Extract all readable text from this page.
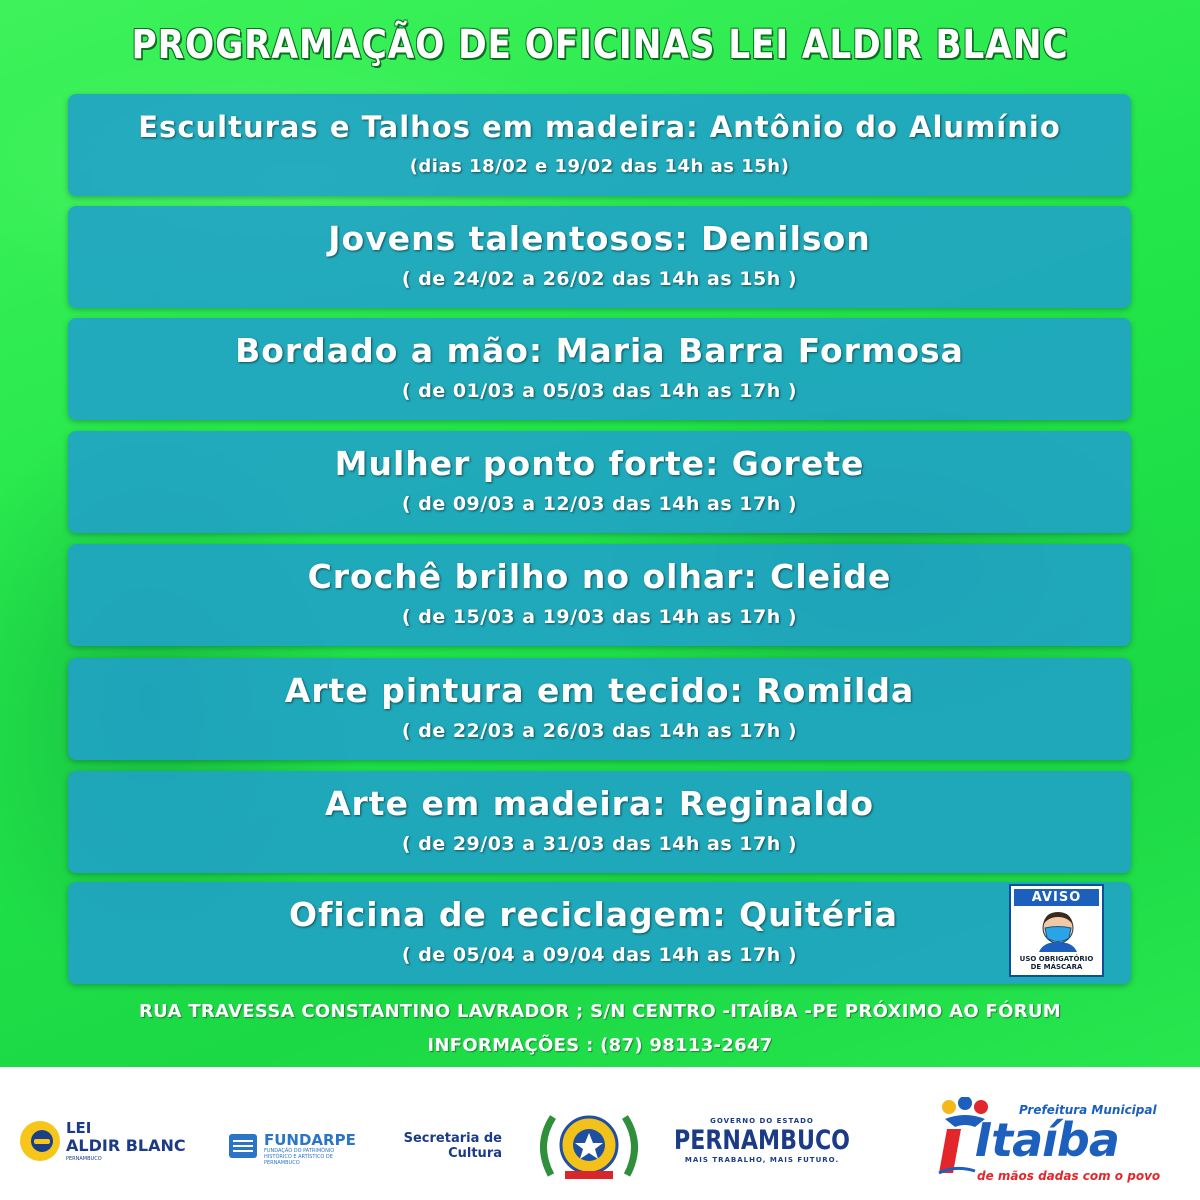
PROGRAMAÇÃO DE OFICINAS LEI ALDIR BLANC
Esculturas e Talhos em madeira: Antônio do Alumínio
(dias 18/02 e 19/02 das 14h as 15h)
Jovens talentosos: Denilson
( de 24/02 a 26/02 das 14h as 15h )
Bordado a mão: Maria Barra Formosa
( de 01/03 a 05/03 das 14h as 17h )
Mulher ponto forte: Gorete
( de 09/03 a 12/03 das 14h as 17h )
Crochê brilho no olhar: Cleide
( de 15/03 a 19/03 das 14h as 17h )
Arte pintura em tecido: Romilda
( de 22/03 a 26/03 das 14h as 17h )
Arte em madeira: Reginaldo
( de 29/03 a 31/03 das 14h as 17h )
Oficina de reciclagem: Quitéria
( de 05/04 a 09/04 das 14h as 17h )
AVISO
USO OBRIGATÓRIO
DE MÁSCARA
RUA TRAVESSA CONSTANTINO LAVRADOR ; S/N CENTRO -ITAÍBA -PE PRÓXIMO AO FÓRUM
INFORMAÇÕES : (87) 98113-2647
LEI
ALDIR BLANC
PERNAMBUCO
FUNDARPE
FUNDAÇÃO DO PATRIMÔNIO
HISTÓRICO E ARTÍSTICO DE
PERNAMBUCO
Secretaria de
Cultura
GOVERNO DO ESTADO
PERNAMBUCO
MAIS TRABALHO, MAIS FUTURO.
Prefeitura Municipal
Itaíba
de mãos dadas com o povo
